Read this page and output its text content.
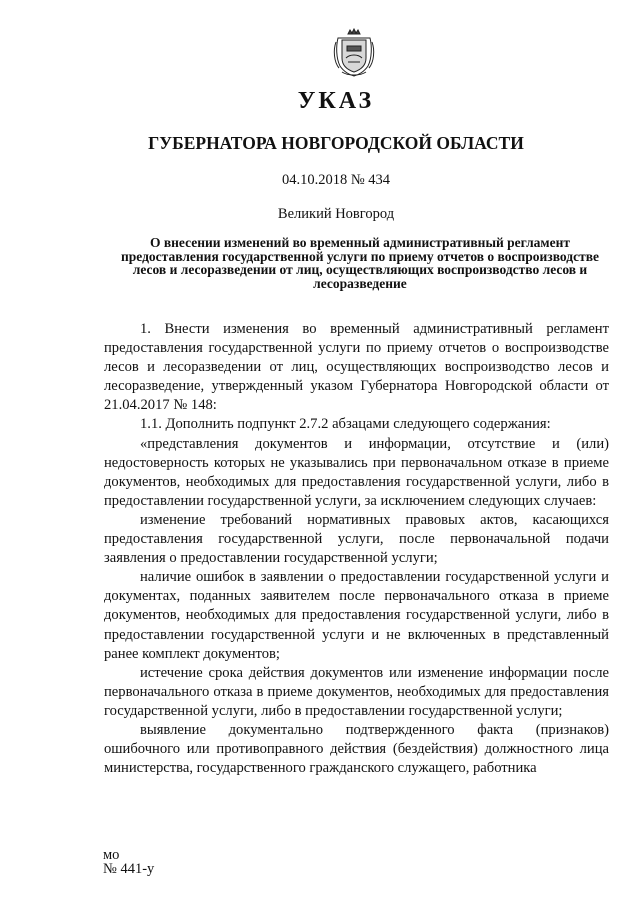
УКАЗ
ГУБЕРНАТОРА НОВГОРОДСКОЙ ОБЛАСТИ
04.10.2018 № 434
Великий Новгород
О внесении изменений во временный административный регламент предоставления государственной услуги по приему отчетов о воспроизводстве лесов и лесоразведении от лиц, осуществляющих воспроизводство лесов и лесоразведение

1. Внести изменения во временный административный регламент предоставления государственной услуги по приему отчетов о воспроизводстве лесов и лесоразведении от лиц, осуществляющих воспроизводство лесов и лесоразведение, утвержденный указом Губернатора Новгородской области от 21.04.2017 № 148:

1.1. Дополнить подпункт 2.7.2 абзацами следующего содержания:

«представления документов и информации, отсутствие и (или) недостоверность которых не указывались при первоначальном отказе в приеме документов, необходимых для предоставления государственной услуги, либо в предоставлении государственной услуги, за исключением следующих случаев:

изменение требований нормативных правовых актов, касающихся предоставления государственной услуги, после первоначальной подачи заявления о предоставлении государственной услуги;

наличие ошибок в заявлении о предоставлении государственной услуги и документах, поданных заявителем после первоначального отказа в приеме документов, необходимых для предоставления государственной услуги, либо в предоставлении государственной услуги и не включенных в представленный ранее комплект документов;

истечение срока действия документов или изменение информации после первоначального отказа в приеме документов, необходимых для предоставления государственной услуги, либо в предоставлении государственной услуги;

выявление документально подтвержденного факта (признаков) ошибочного или противоправного действия (бездействия) должностного лица министерства, государственного гражданского служащего, работника

мо
№ 441-у
